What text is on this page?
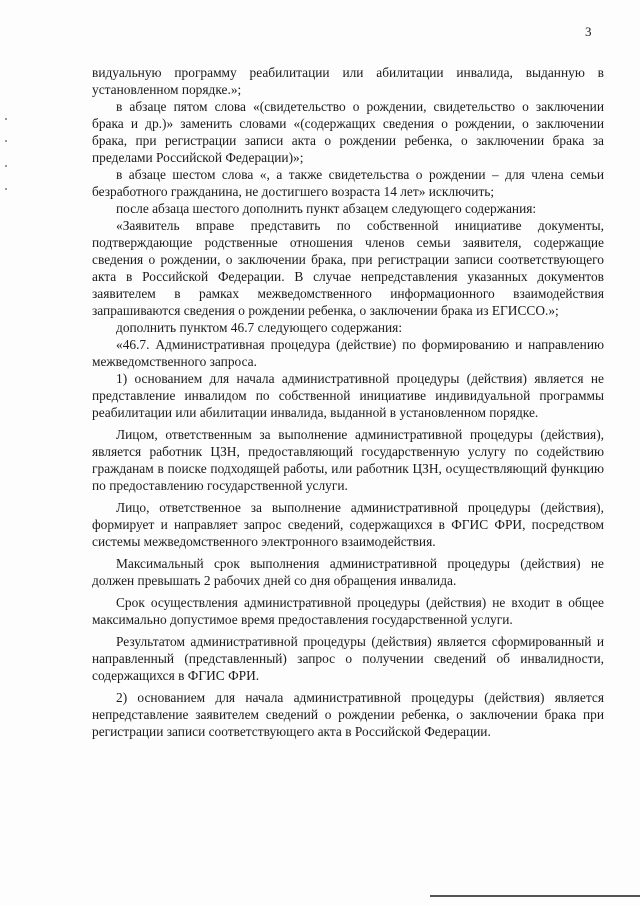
3

видуальную программу реабилитации или абилитации инвалида, выданную в установленном порядке.»;

в абзаце пятом слова «(свидетельство о рождении, свидетельство о заключении брака и др.)» заменить словами «(содержащих сведения о рождении, о заключении брака, при регистрации записи акта о рождении ребенка, о заключении брака за пределами Российской Федерации)»;

в абзаце шестом слова «, а также свидетельства о рождении – для члена семьи безработного гражданина, не достигшего возраста 14 лет» исключить;

после абзаца шестого дополнить пункт абзацем следующего содержания:

«Заявитель вправе представить по собственной инициативе документы, подтверждающие родственные отношения членов семьи заявителя, содержащие сведения о рождении, о заключении брака, при регистрации записи соответствующего акта в Российской Федерации. В случае непредставления указанных документов заявителем в рамках межведомственного информационного взаимодействия запрашиваются сведения о рождении ребенка, о заключении брака из ЕГИССО.»;

дополнить пунктом 46.7 следующего содержания:

«46.7. Административная процедура (действие) по формированию и направлению межведомственного запроса.

1) основанием для начала административной процедуры (действия) является не представление инвалидом по собственной инициативе индивидуальной программы реабилитации или абилитации инвалида, выданной в установленном порядке.

Лицом, ответственным за выполнение административной процедуры (действия), является работник ЦЗН, предоставляющий государственную услугу по содействию гражданам в поиске подходящей работы, или работник ЦЗН, осуществляющий функцию по предоставлению государственной услуги.

Лицо, ответственное за выполнение административной процедуры (действия), формирует и направляет запрос сведений, содержащихся в ФГИС ФРИ, посредством системы межведомственного электронного взаимодействия.

Максимальный срок выполнения административной процедуры (действия) не должен превышать 2 рабочих дней со дня обращения инвалида.

Срок осуществления административной процедуры (действия) не входит в общее максимально допустимое время предоставления государственной услуги.

Результатом административной процедуры (действия) является сформированный и направленный (представленный) запрос о получении сведений об инвалидности, содержащихся в ФГИС ФРИ.

2) основанием для начала административной процедуры (действия) является непредставление заявителем сведений о рождении ребенка, о заключении брака при регистрации записи соответствующего акта в Российской Федерации.
